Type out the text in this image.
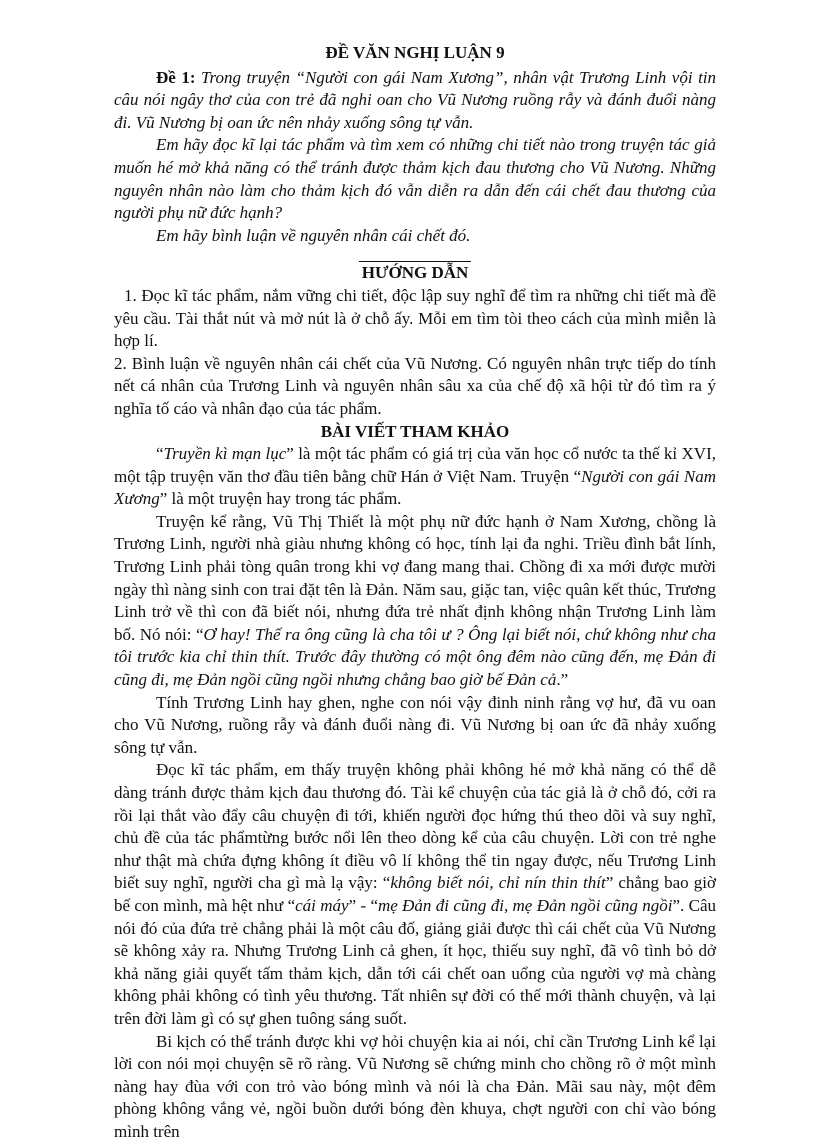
ĐỀ VĂN NGHỊ LUẬN 9

Đề 1: Trong truyện “Người con gái Nam Xương”, nhân vật Trương Linh vội tin câu nói ngây thơ của con trẻ đã nghi oan cho Vũ Nương ruồng rẫy và đánh đuổi nàng đi. Vũ Nương bị oan ức nên nhảy xuống sông tự vẫn.

Em hãy đọc kĩ lại tác phẩm và tìm xem có những chi tiết nào trong truyện tác giả muốn hé mở khả năng có thể tránh được thảm kịch đau thương cho Vũ Nương. Những nguyên nhân nào làm cho thảm kịch đó vẫn diễn ra dẫn đến cái chết đau thương của người phụ nữ đức hạnh?

Em hãy bình luận về nguyên nhân cái chết đó.

HƯỚNG DẪN

1. Đọc kĩ tác phẩm, nắm vững chi tiết, độc lập suy nghĩ để tìm ra những chi tiết mà đề yêu cầu. Tài thắt nút và mở nút là ở chỗ ấy. Mỗi em tìm tòi theo cách của mình miễn là hợp lí.

2. Bình luận về nguyên nhân cái chết của Vũ Nương. Có nguyên nhân trực tiếp do tính nết cá nhân của Trương Linh và nguyên nhân sâu xa của chế độ xã hội từ đó tìm ra ý nghĩa tố cáo và nhân đạo của tác phẩm.

BÀI VIẾT THAM KHẢO

“Truyền kì mạn lục” là một tác phẩm có giá trị của văn học cổ nước ta thế kỉ XVI, một tập truyện văn thơ đầu tiên bằng chữ Hán ở Việt Nam. Truyện “Người con gái Nam Xương” là một truyện hay trong tác phẩm.

Truyện kể rằng, Vũ Thị Thiết là một phụ nữ đức hạnh ở Nam Xương, chồng là Trương Linh, người nhà giàu nhưng không có học, tính lại đa nghi. Triều đình bắt lính, Trương Linh phải tòng quân trong khi vợ đang mang thai. Chồng đi xa mới được mười ngày thì nàng sinh con trai đặt tên là Đản. Năm sau, giặc tan, việc quân kết thúc, Trương Linh trở về thì con đã biết nói, nhưng đứa trẻ nhất định không nhận Trương Linh làm bố. Nó nói: “Ơ hay! Thế ra ông cũng là cha tôi ư ? Ông lại biết nói, chứ không như cha tôi trước kia chỉ thin thít. Trước đây thường có một ông đêm nào cũng đến, mẹ Đản đi cũng đi, mẹ Đản ngồi cũng ngồi nhưng chẳng bao giờ bế Đản cả.”

Tính Trương Linh hay ghen, nghe con nói vậy đinh ninh rằng vợ hư, đã vu oan cho Vũ Nương, ruồng rẫy và đánh đuổi nàng đi. Vũ Nương bị oan ức đã nhảy xuống sông tự vẫn.

Đọc kĩ tác phẩm, em thấy truyện không phải không hé mở khả năng có thể dễ dàng tránh được thảm kịch đau thương đó. Tài kể chuyện của tác giả là ở chỗ đó, cởi ra rồi lại thắt vào đẩy câu chuyện đi tới, khiến người đọc hứng thú theo dõi và suy nghĩ, chủ đề của tác phẩmtừng bước nổi lên theo dòng kể của câu chuyện. Lời con trẻ nghe như thật mà chứa đựng không ít điều vô lí không thể tin ngay được, nếu Trương Linh biết suy nghĩ, người cha gì mà lạ vậy: “không biết nói, chỉ nín thin thít” chẳng bao giờ bế con mình, mà hệt như “cái máy” - “mẹ Đản đi cũng đi, mẹ Đản ngồi cũng ngồi”. Câu nói đó của đứa trẻ chẳng phải là một câu đố, giảng giải được thì cái chết của Vũ Nương sẽ không xảy ra. Nhưng Trương Linh cả ghen, ít học, thiếu suy nghĩ, đã vô tình bỏ dở khả năng giải quyết tấm thảm kịch, dẫn tới cái chết oan uổng của người vợ mà chàng không phải không có tình yêu thương. Tất nhiên sự đời có thế mới thành chuyện, và lại trên đời làm gì có sự ghen tuông sáng suốt.

Bi kịch có thể tránh được khi vợ hỏi chuyện kia ai nói, chỉ cần Trương Linh kể lại lời con nói mọi chuyện sẽ rõ ràng. Vũ Nương sẽ chứng minh cho chồng rõ ở một mình nàng hay đùa với con trỏ vào bóng mình và nói là cha Đản. Mãi sau này, một đêm phòng không vắng vẻ, ngồi buồn dưới bóng đèn khuya, chợt người con chỉ vào bóng mình trên
